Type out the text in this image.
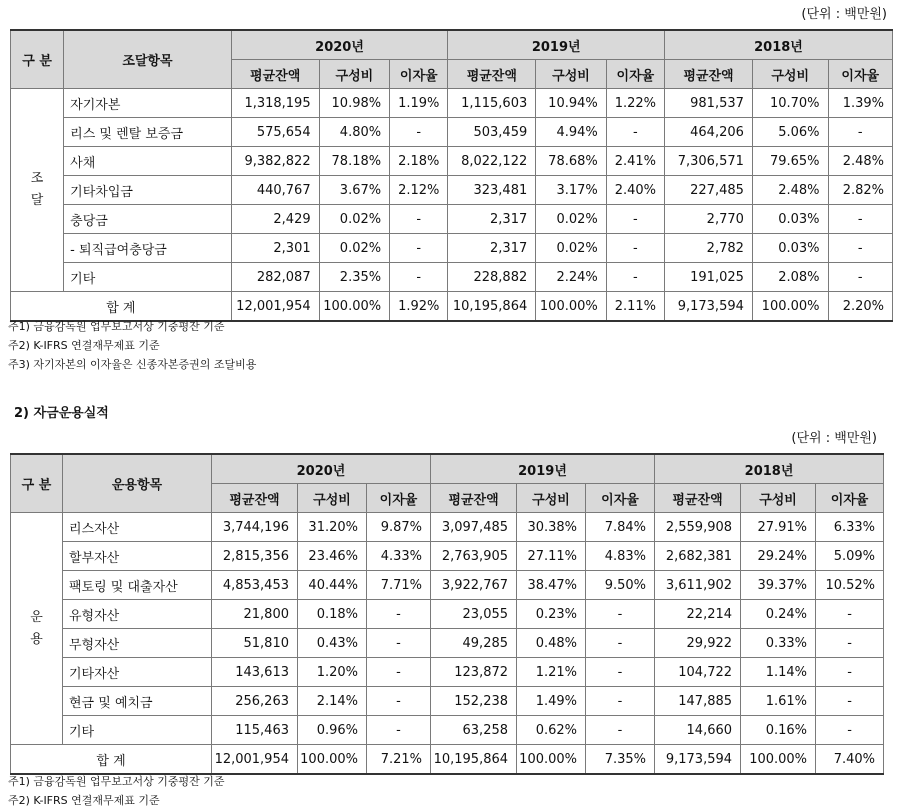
(단위 : 백만원)
구 분	조달항목	2020년			2019년			2018년		
		평균잔액	구성비	이자율	평균잔액	구성비	이자율	평균잔액	구성비	이자율

조
달	자기자본	1,318,195	10.98%	1.19%	1,115,603	10.94%	1.22%	981,537	10.70%	1.39%
	리스 및 렌탈 보증금	575,654	4.80%	-	503,459	4.94%	-	464,206	5.06%	-
	사채	9,382,822	78.18%	2.18%	8,022,122	78.68%	2.41%	7,306,571	79.65%	2.48%
	기타차입금	440,767	3.67%	2.12%	323,481	3.17%	2.40%	227,485	2.48%	2.82%
	충당금	2,429	0.02%	-	2,317	0.02%	-	2,770	0.03%	-
	- 퇴직급여충당금	2,301	0.02%	-	2,317	0.02%	-	2,782	0.03%	-
	기타	282,087	2.35%	-	228,882	2.24%	-	191,025	2.08%	-
합 계		12,001,954	100.00%	1.92%	10,195,864	100.00%	2.11%	9,173,594	100.00%	2.20%
주1) 금융감독원 업무보고서상 기중평잔 기준
주2) K-IFRS 연결재무제표 기준
주3) 자기자본의 이자율은 신종자본증권의 조달비용
2) 자금운용실적
(단위 : 백만원)
구 분	운용항목	2020년			2019년			2018년		
		평균잔액	구성비	이자율	평균잔액	구성비	이자율	평균잔액	구성비	이자율

운
용	리스자산	3,744,196	31.20%	9.87%	3,097,485	30.38%	7.84%	2,559,908	27.91%	6.33%
	할부자산	2,815,356	23.46%	4.33%	2,763,905	27.11%	4.83%	2,682,381	29.24%	5.09%
	팩토링 및 대출자산	4,853,453	40.44%	7.71%	3,922,767	38.47%	9.50%	3,611,902	39.37%	10.52%
	유형자산	21,800	0.18%	-	23,055	0.23%	-	22,214	0.24%	-
	무형자산	51,810	0.43%	-	49,285	0.48%	-	29,922	0.33%	-
	기타자산	143,613	1.20%	-	123,872	1.21%	-	104,722	1.14%	-
	현금 및 예치금	256,263	2.14%	-	152,238	1.49%	-	147,885	1.61%	-
	기타	115,463	0.96%	-	63,258	0.62%	-	14,660	0.16%	-
합 계		12,001,954	100.00%	7.21%	10,195,864	100.00%	7.35%	9,173,594	100.00%	7.40%
주1) 금융감독원 업무보고서상 기중평잔 기준
주2) K-IFRS 연결재무제표 기준
